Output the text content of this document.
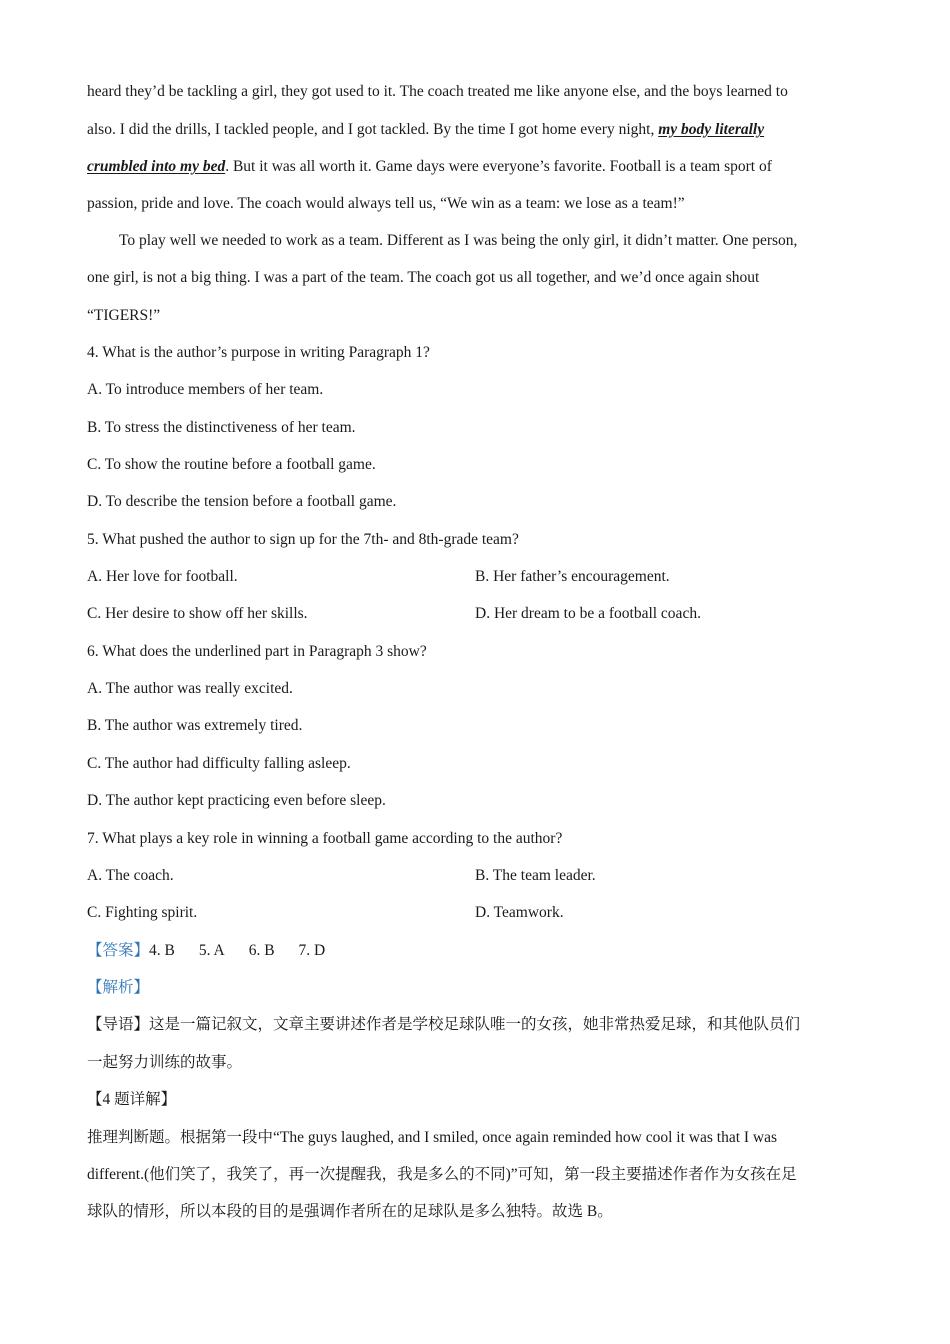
heard they’d be tackling a girl, they got used to it. The coach treated me like anyone else, and the boys learned to
also. I did the drills, I tackled people, and I got tackled. By the time I got home every night, my body literally
crumbled into my bed. But it was all worth it. Game days were everyone’s favorite. Football is a team sport of
passion, pride and love. The coach would always tell us, “We win as a team: we lose as a team!”
To play well we needed to work as a team. Different as I was being the only girl, it didn’t matter. One person,
one girl, is not a big thing. I was a part of the team. The coach got us all together, and we’d once again shout
“TIGERS!”
4. What is the author’s purpose in writing Paragraph 1?
A. To introduce members of her team.
B. To stress the distinctiveness of her team.
C. To show the routine before a football game.
D. To describe the tension before a football game.
5. What pushed the author to sign up for the 7th- and 8th-grade team?
A. Her love for football.	B. Her father’s encouragement.
C. Her desire to show off her skills.	D. Her dream to be a football coach.
6. What does the underlined part in Paragraph 3 show?
A. The author was really excited.
B. The author was extremely tired.
C. The author had difficulty falling asleep.
D. The author kept practicing even before sleep.
7. What plays a key role in winning a football game according to the author?
A. The coach.	B. The team leader.
C. Fighting spirit.	D. Teamwork.
【答案】4. B 5. A 6. B 7. D
【解析】
【导语】这是一篇记叙文，文章主要讲述作者是学校足球队唯一的女孩，她非常热爱足球，和其他队员们
一起努力训练的故事。
【4 题详解】
推理判断题。根据第一段中“The guys laughed, and I smiled, once again reminded how cool it was that I was
different.(他们笑了，我笑了，再一次提醒我，我是多么的不同)”可知，第一段主要描述作者作为女孩在足
球队的情形，所以本段的目的是强调作者所在的足球队是多么独特。故选 B。
